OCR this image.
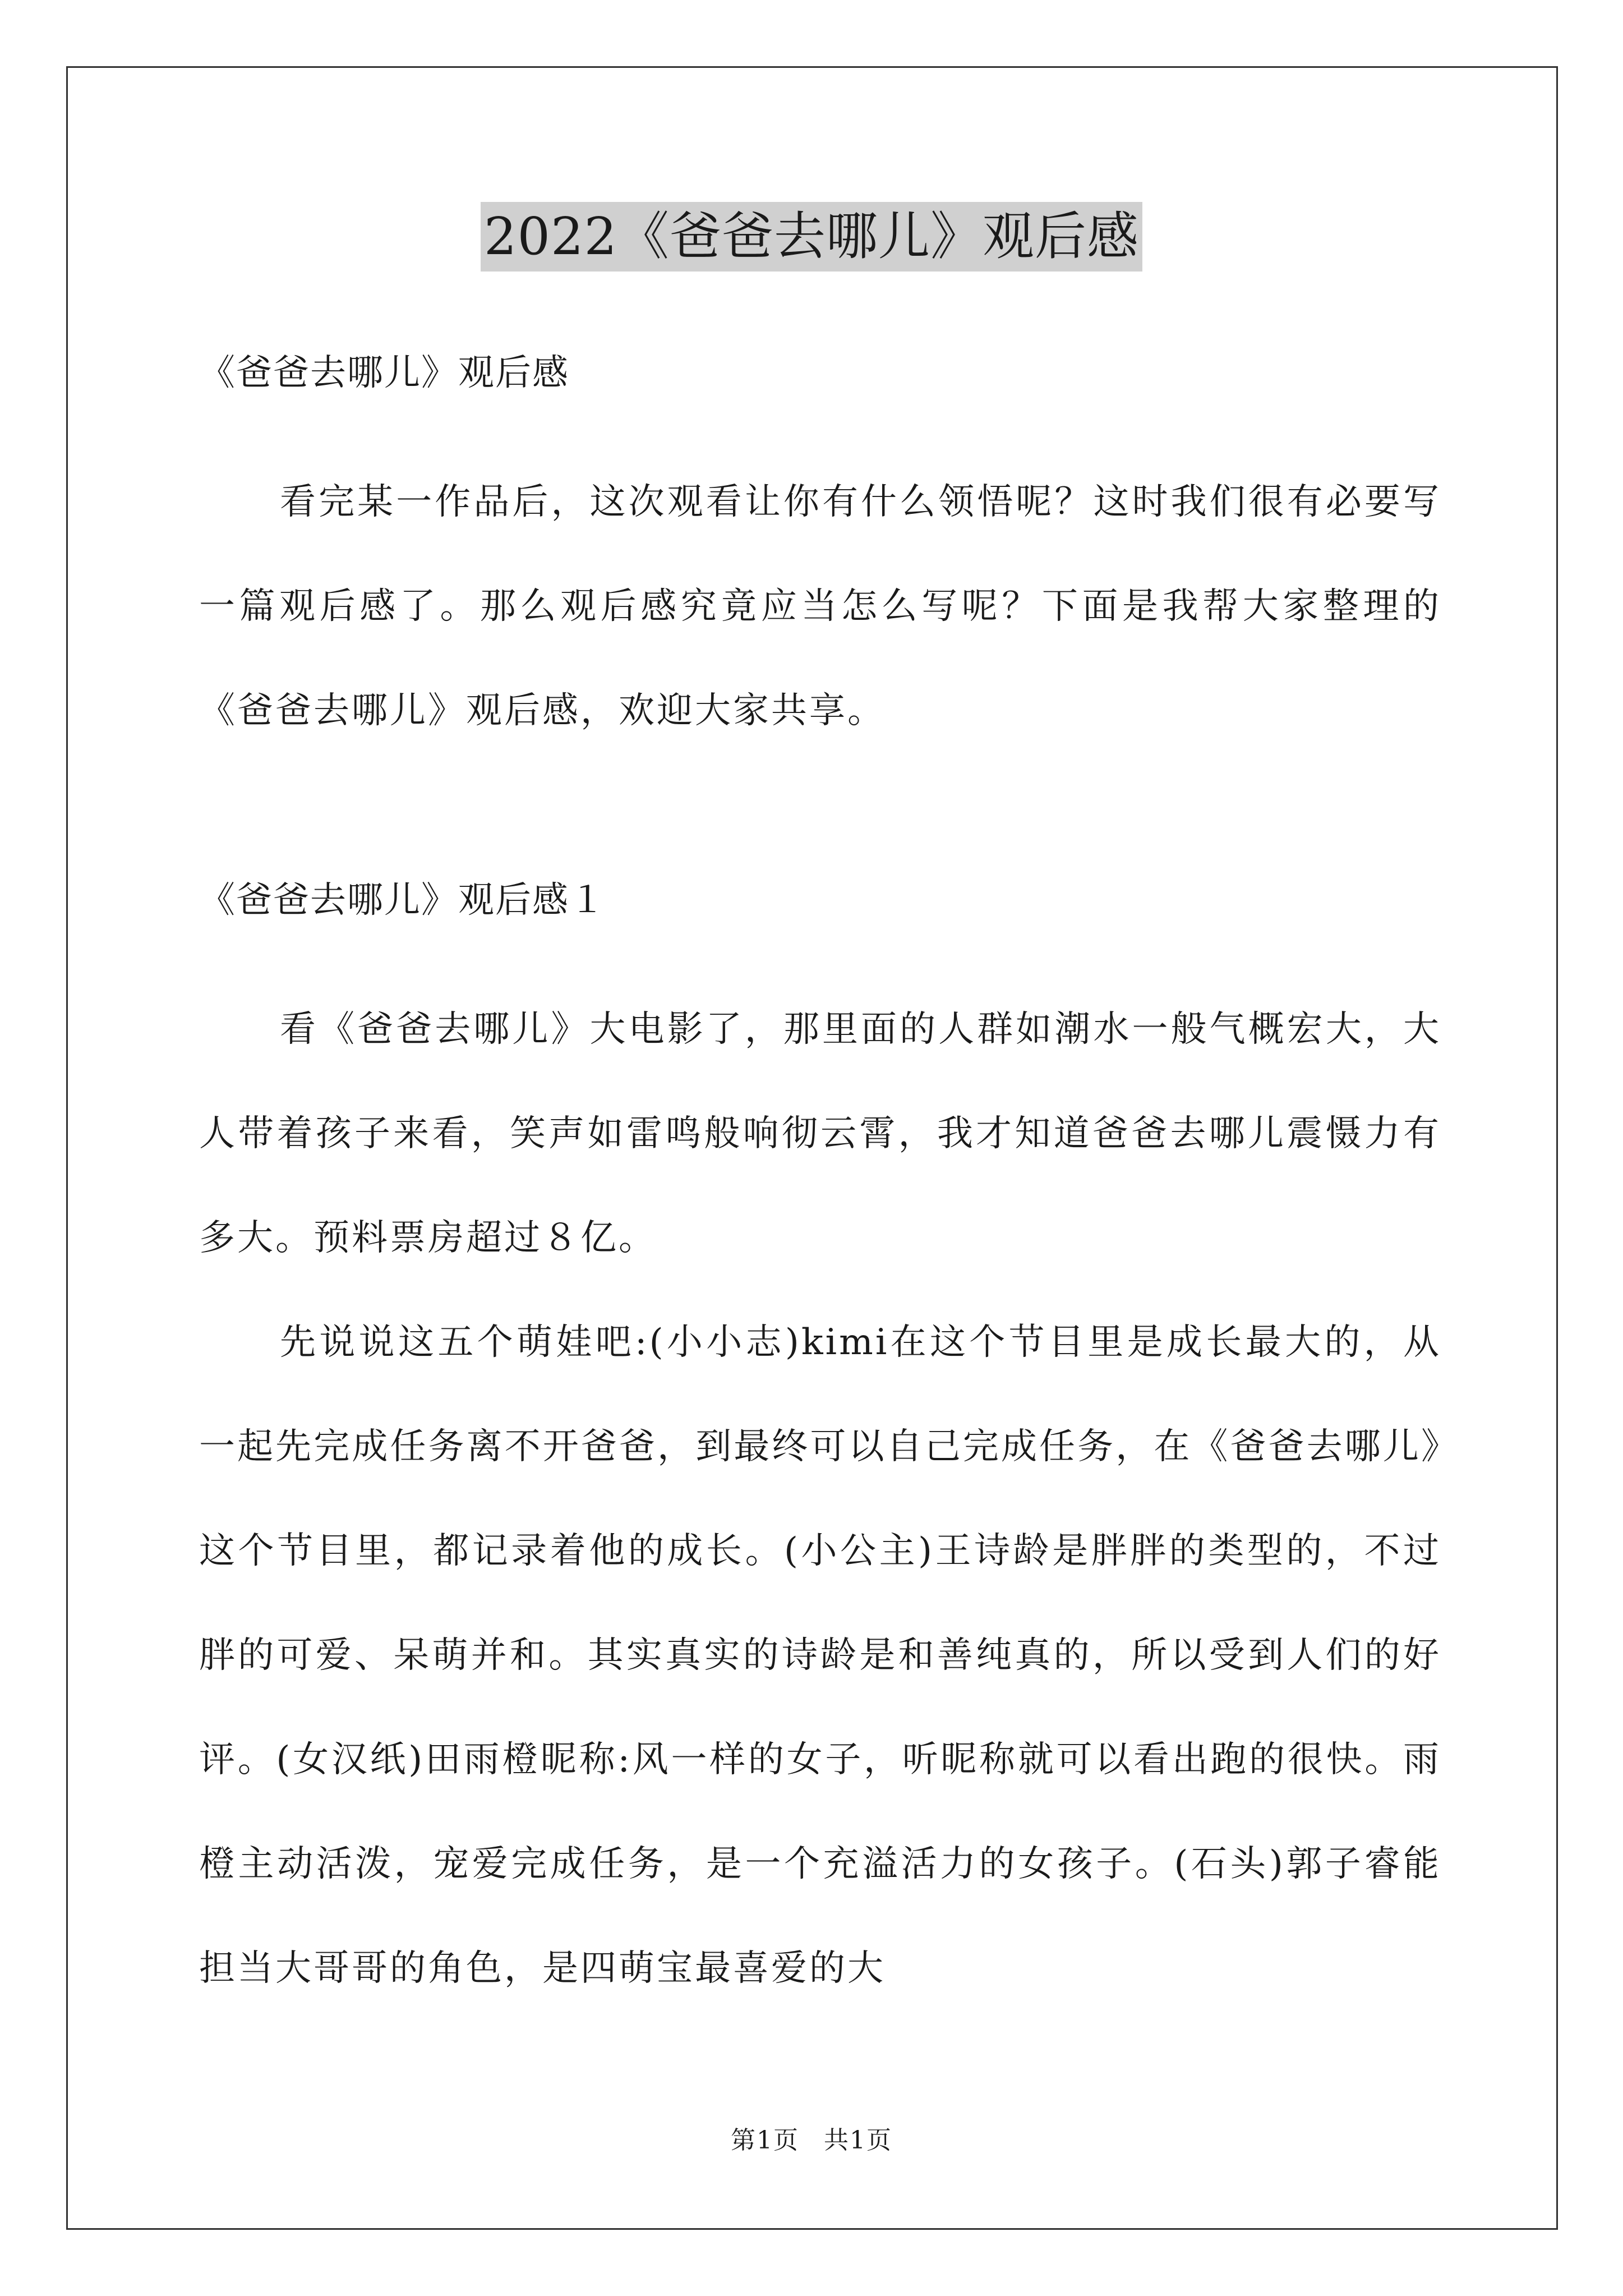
2022《爸爸去哪儿》观后感

《爸爸去哪儿》观后感

看完某一作品后，这次观看让你有什么领悟呢？这时我们很有必要写一篇观后感了。那么观后感究竟应当怎么写呢？下面是我帮大家整理的《爸爸去哪儿》观后感，欢迎大家共享。

《爸爸去哪儿》观后感１

看《爸爸去哪儿》大电影了，那里面的人群如潮水一般气概宏大，大人带着孩子来看，笑声如雷鸣般响彻云霄，我才知道爸爸去哪儿震慑力有多大。预料票房超过８亿。

先说说这五个萌娃吧:(小小志)kimi在这个节目里是成长最大的，从一起先完成任务离不开爸爸，到最终可以自己完成任务，在《爸爸去哪儿》这个节目里，都记录着他的成长。(小公主)王诗龄是胖胖的类型的，不过胖的可爱、呆萌并和。其实真实的诗龄是和善纯真的，所以受到人们的好评。(女汉纸)田雨橙昵称:风一样的女子，听昵称就可以看出跑的很快。雨橙主动活泼，宠爱完成任务，是一个充溢活力的女孩子。(石头)郭子睿能担当大哥哥的角色，是四萌宝最喜爱的大

第1页 共1页
